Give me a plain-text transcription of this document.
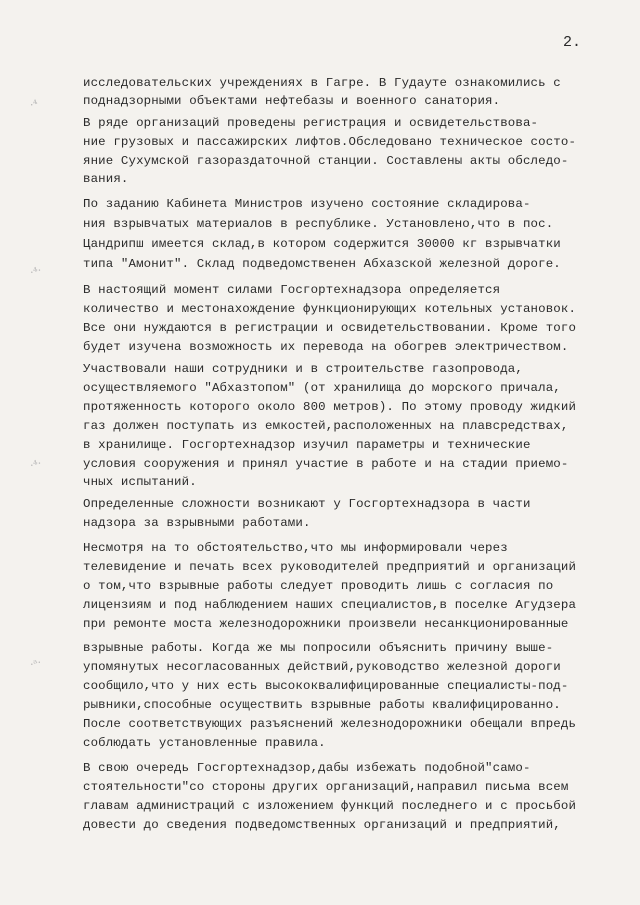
2.
·⁴
·⁴·
·⁴·
·ᵃ·
исследовательских учреждениях в Гагре. В Гудауте ознакомились с
поднадзорными объектами нефтебазы и военного санатория.
В ряде организаций проведены регистрация и освидетельствова-
ние грузовых и пассажирских лифтов.Обследовано техническое состо-
яние Сухумской газораздаточной станции. Составлены акты обследо-
вания.
По заданию Кабинета Министров изучено состояние складирова-
ния взрывчатых материалов в республике. Установлено,что в пос.
Цандрипш имеется склад,в котором содержится 30000 кг взрывчатки
типа "Амонит". Склад подведомственен Абхазской железной дороге.
В настоящий момент силами Госгортехнадзора определяется
количество и местонахождение функционирующих котельных установок.
Все они нуждаются в регистрации и освидетельствовании. Кроме того
будет изучена возможность их перевода на обогрев электричеством.
Участвовали наши сотрудники и в строительстве газопровода,
осуществляемого "Абхазтопом" (от хранилища до морского причала,
протяженность которого около 800 метров). По этому проводу жидкий
газ должен поступать из емкостей,расположенных на плавсредствах,
в хранилище. Госгортехнадзор изучил параметры и технические
условия сооружения и принял участие в работе и на стадии приемо-
чных испытаний.
Определенные сложности возникают у Госгортехнадзора в части
надзора за взрывными работами.
Несмотря на то обстоятельство,что мы информировали через
телевидение и печать всех руководителей предприятий и организаций
о том,что взрывные работы следует проводить лишь с согласия по
лицензиям и под наблюдением наших специалистов,в поселке Агудзера
при ремонте моста железнодорожники произвели несанкционированные
взрывные работы. Когда же мы попросили объяснить причину выше-
упомянутых несогласованных действий,руководство железной дороги
сообщило,что у них есть высококвалифицированные специалисты-под-
рывники,способные осуществить взрывные работы квалифицированно.
После соответствующих разъяснений железнодорожники обещали впредь
соблюдать установленные правила.
В свою очередь Госгортехнадзор,дабы избежать подобной"само-
стоятельности"со стороны других организаций,направил письма всем
главам администраций с изложением функций последнего и с просьбой
довести до сведения подведомственных организаций и предприятий,
